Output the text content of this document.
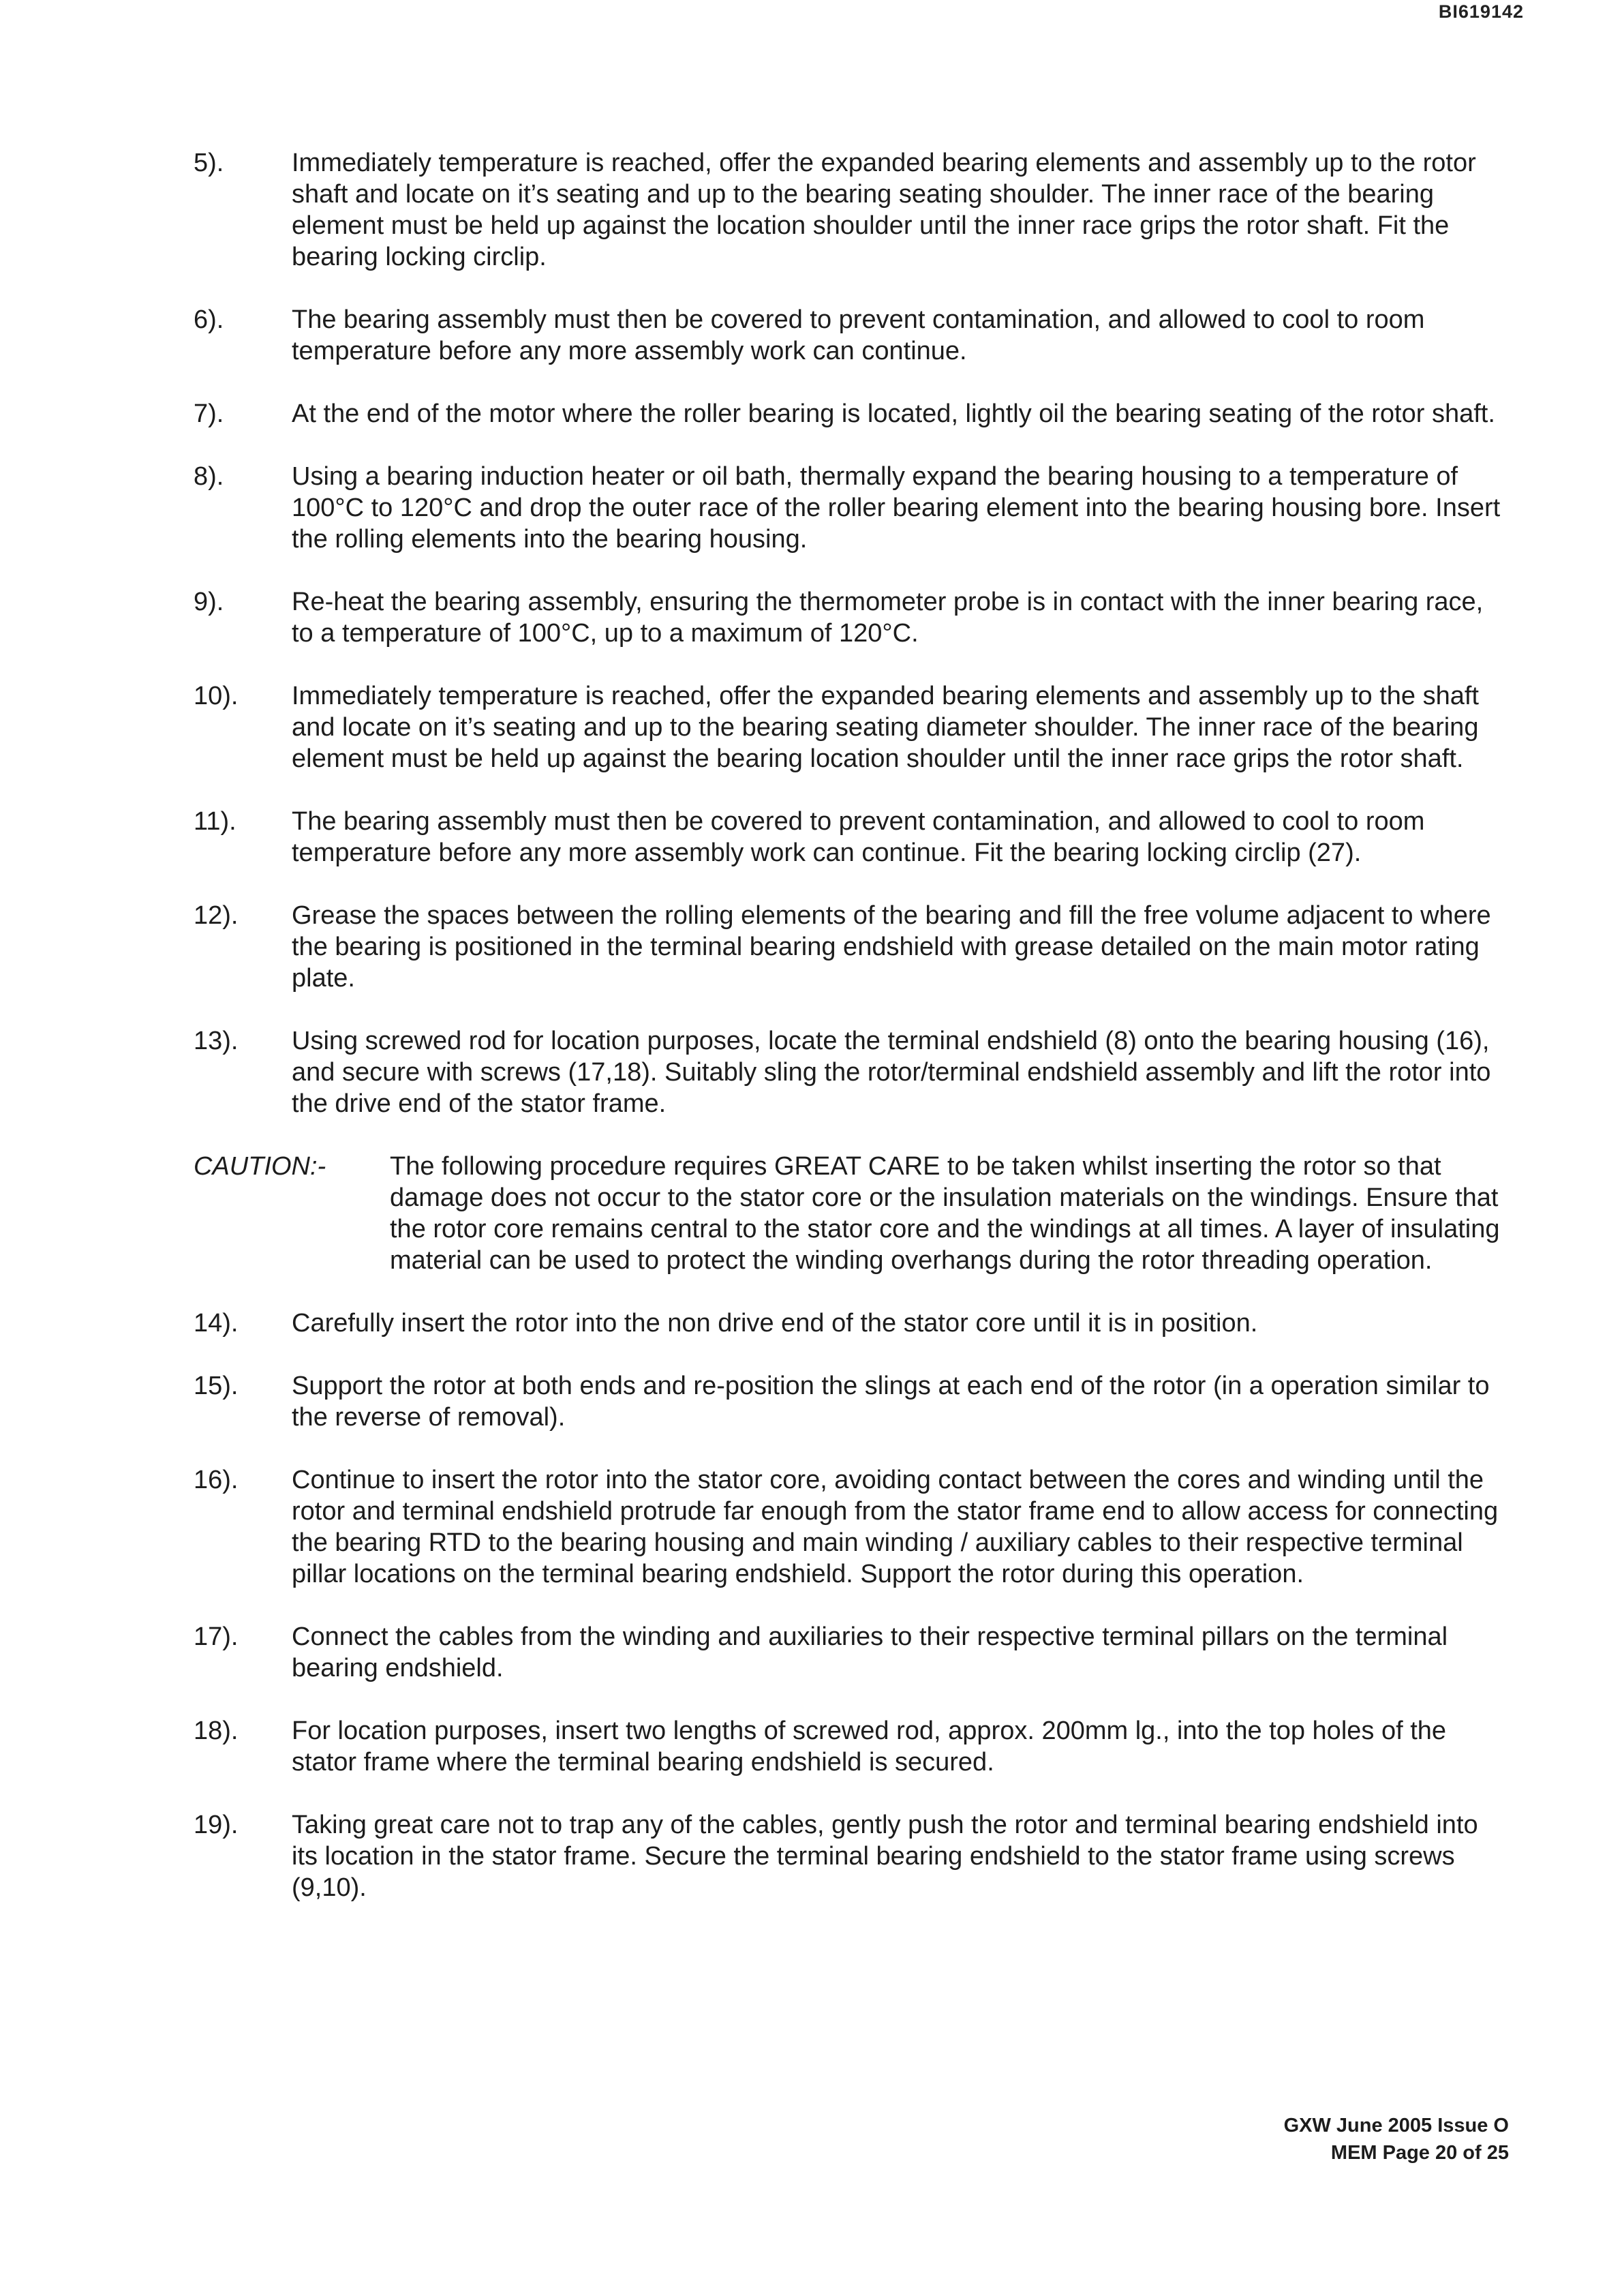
BI619142
5).	Immediately temperature is reached, offer the expanded bearing elements and assembly up to the rotor shaft and locate on it’s seating and up to the bearing seating shoulder. The inner race of the bearing element must be held up against the location shoulder until the inner race grips the rotor shaft. Fit the bearing locking circlip.
6).	The bearing assembly must then be covered to prevent contamination, and allowed to cool to room temperature before any more assembly work can continue.
7).	At the end of the motor where the roller bearing is located, lightly oil the bearing seating of the rotor shaft.
8).	Using a bearing induction heater or oil bath, thermally expand the bearing housing to a temperature of 100°C to 120°C and drop the outer race of the roller bearing element into the bearing housing bore. Insert the rolling elements into the bearing housing.
9).	Re-heat the bearing assembly, ensuring the thermometer probe is in contact with the inner bearing race, to a temperature of 100°C, up to a maximum of 120°C.
10).	Immediately temperature is reached, offer the expanded bearing elements and assembly up to the shaft and locate on it’s seating and up to the bearing seating diameter shoulder. The inner race of the bearing element must be held up against the bearing location shoulder until the inner race grips the rotor shaft.
11).	The bearing assembly must then be covered to prevent contamination, and allowed to cool to room temperature before any more assembly work can continue. Fit the bearing locking circlip (27).
12).	Grease the spaces between the rolling elements of the bearing and fill the free volume adjacent to where the bearing is positioned in the terminal bearing endshield with grease detailed on the main motor rating plate.
13).	Using screwed rod for location purposes, locate the terminal endshield (8) onto the bearing housing (16), and secure with screws (17,18). Suitably sling the rotor/terminal endshield assembly and lift the rotor into the drive end of the stator frame.
CAUTION:-	The following procedure requires GREAT CARE to be taken whilst inserting the rotor so that damage does not occur to the stator core or the insulation materials on the windings. Ensure that the rotor core remains central to the stator core and the windings at all times. A layer of insulating material can be used to protect the winding overhangs during the rotor threading operation.
14).	Carefully insert the rotor into the non drive end of the stator core until it is in position.
15).	Support the rotor at both ends and re-position the slings at each end of the rotor (in a operation similar to the reverse of removal).
16).	Continue to insert the rotor into the stator core, avoiding contact between the cores and winding until the rotor and terminal endshield protrude far enough from the stator frame end to allow access for connecting the bearing RTD to the bearing housing and main winding / auxiliary cables to their respective terminal pillar locations on the terminal bearing endshield. Support the rotor during this operation.
17).	Connect the cables from the winding and auxiliaries to their respective terminal pillars on the terminal bearing endshield.
18).	For location purposes, insert two lengths of screwed rod, approx. 200mm lg., into the top holes of the stator frame where the terminal bearing endshield is secured.
19).	Taking great care not to trap any of the cables, gently push the rotor and terminal bearing endshield into its location in the stator frame. Secure the terminal bearing endshield to the stator frame using screws (9,10).
GXW June 2005 Issue O
MEM Page 20 of 25
